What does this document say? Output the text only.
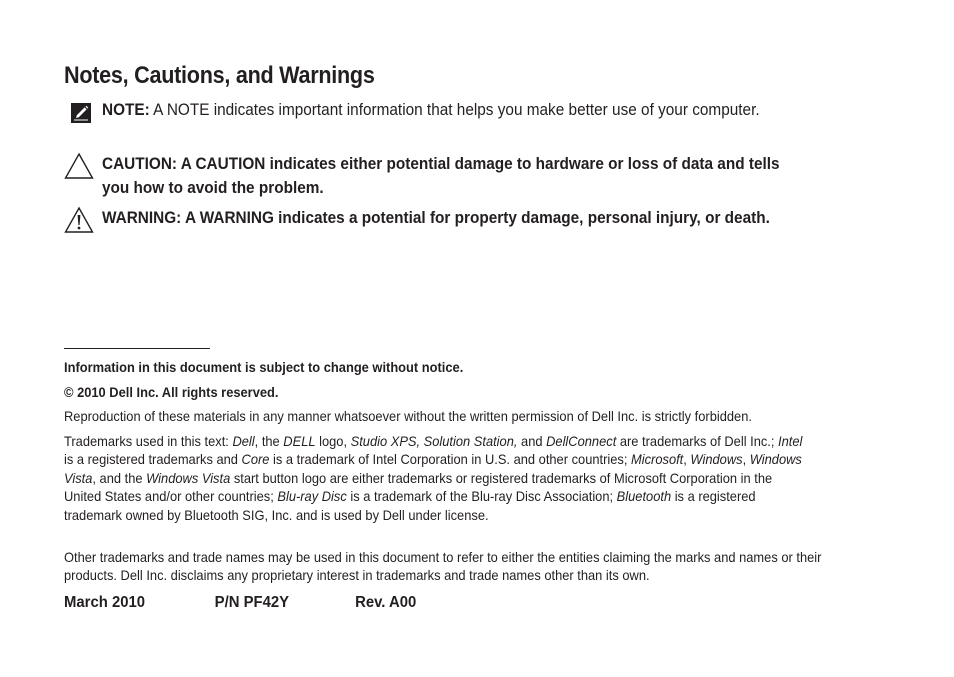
Notes, Cautions, and Warnings
NOTE: A NOTE indicates important information that helps you make better use of your computer.
CAUTION: A CAUTION indicates either potential damage to hardware or loss of data and tells you how to avoid the problem.
WARNING: A WARNING indicates a potential for property damage, personal injury, or death.
Information in this document is subject to change without notice.
© 2010 Dell Inc. All rights reserved.
Reproduction of these materials in any manner whatsoever without the written permission of Dell Inc. is strictly forbidden.
Trademarks used in this text: Dell, the DELL logo, Studio XPS, Solution Station, and DellConnect are trademarks of Dell Inc.; Intel is a registered trademarks and Core is a trademark of Intel Corporation in U.S. and other countries; Microsoft, Windows, Windows Vista, and the Windows Vista start button logo are either trademarks or registered trademarks of Microsoft Corporation in the United States and/or other countries; Blu-ray Disc is a trademark of the Blu-ray Disc Association; Bluetooth is a registered trademark owned by Bluetooth SIG, Inc. and is used by Dell under license.
Other trademarks and trade names may be used in this document to refer to either the entities claiming the marks and names or their products. Dell Inc. disclaims any proprietary interest in trademarks and trade names other than its own.
March 2010	P/N PF42Y	Rev. A00
